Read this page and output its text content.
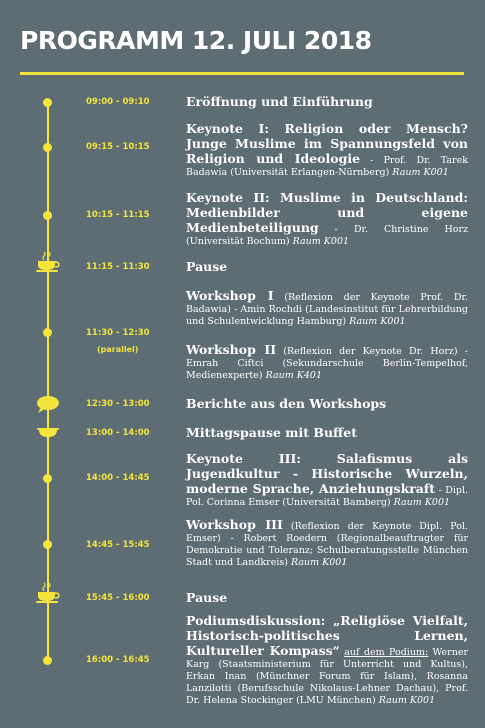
PROGRAMM 12. JULI 2018
09:00 - 09:10
09:15 - 10:15
10:15 - 11:15
11:15 - 11:30
11:30 - 12:30
(parallel)
12:30 - 13:00
13:00 - 14:00
14:00 - 14:45
14:45 - 15:45
15:45 - 16:00
16:00 - 16:45
Eröffnung und Einführung
Keynote I: Religion oder Mensch? Junge Muslime im Spannungsfeld von Religion und Ideologie - Prof. Dr. Tarek Badawia (Universität Erlangen-Nürnberg) Raum K001
Keynote II: Muslime in Deutschland: Medienbilder und eigene Medienbeteiligung - Dr. Christine Horz (Universität Bochum) Raum K001
Pause
Workshop I (Reflexion der Keynote Prof. Dr. Badawia) - Amin Rochdi (Landesinstitut für Lehrerbildung und Schulentwicklung Hamburg) Raum K001
Workshop II (Reflexion der Keynote Dr. Horz) - Emrah Ciftci (Sekundarschule Berlin-Tempelhof, Medienexperte) Raum K401
Berichte aus den Workshops
Mittagspause mit Buffet
Keynote III: Salafismus als Jugendkultur - Historische Wurzeln, moderne Sprache, Anziehungskraft - Dipl. Pol. Corinna Emser (Universität Bamberg) Raum K001
Workshop III (Reflexion der Keynote Dipl. Pol. Emser) - Robert Roedern (Regionalbeauftragter für Demokratie und Toleranz; Schulberatungsstelle München Stadt und Landkreis) Raum K001
Pause
Podiumsdiskussion: „Religiöse Vielfalt, Historisch-politisches Lernen, Kultureller Kompass“ auf dem Podium: Werner Karg (Staatsministerium für Unterricht und Kultus), Erkan Inan (Münchner Forum für Islam), Rosanna Lanzilotti (Berufsschule Nikolaus-Lehner Dachau), Prof. Dr. Helena Stockinger (LMU München) Raum K001
